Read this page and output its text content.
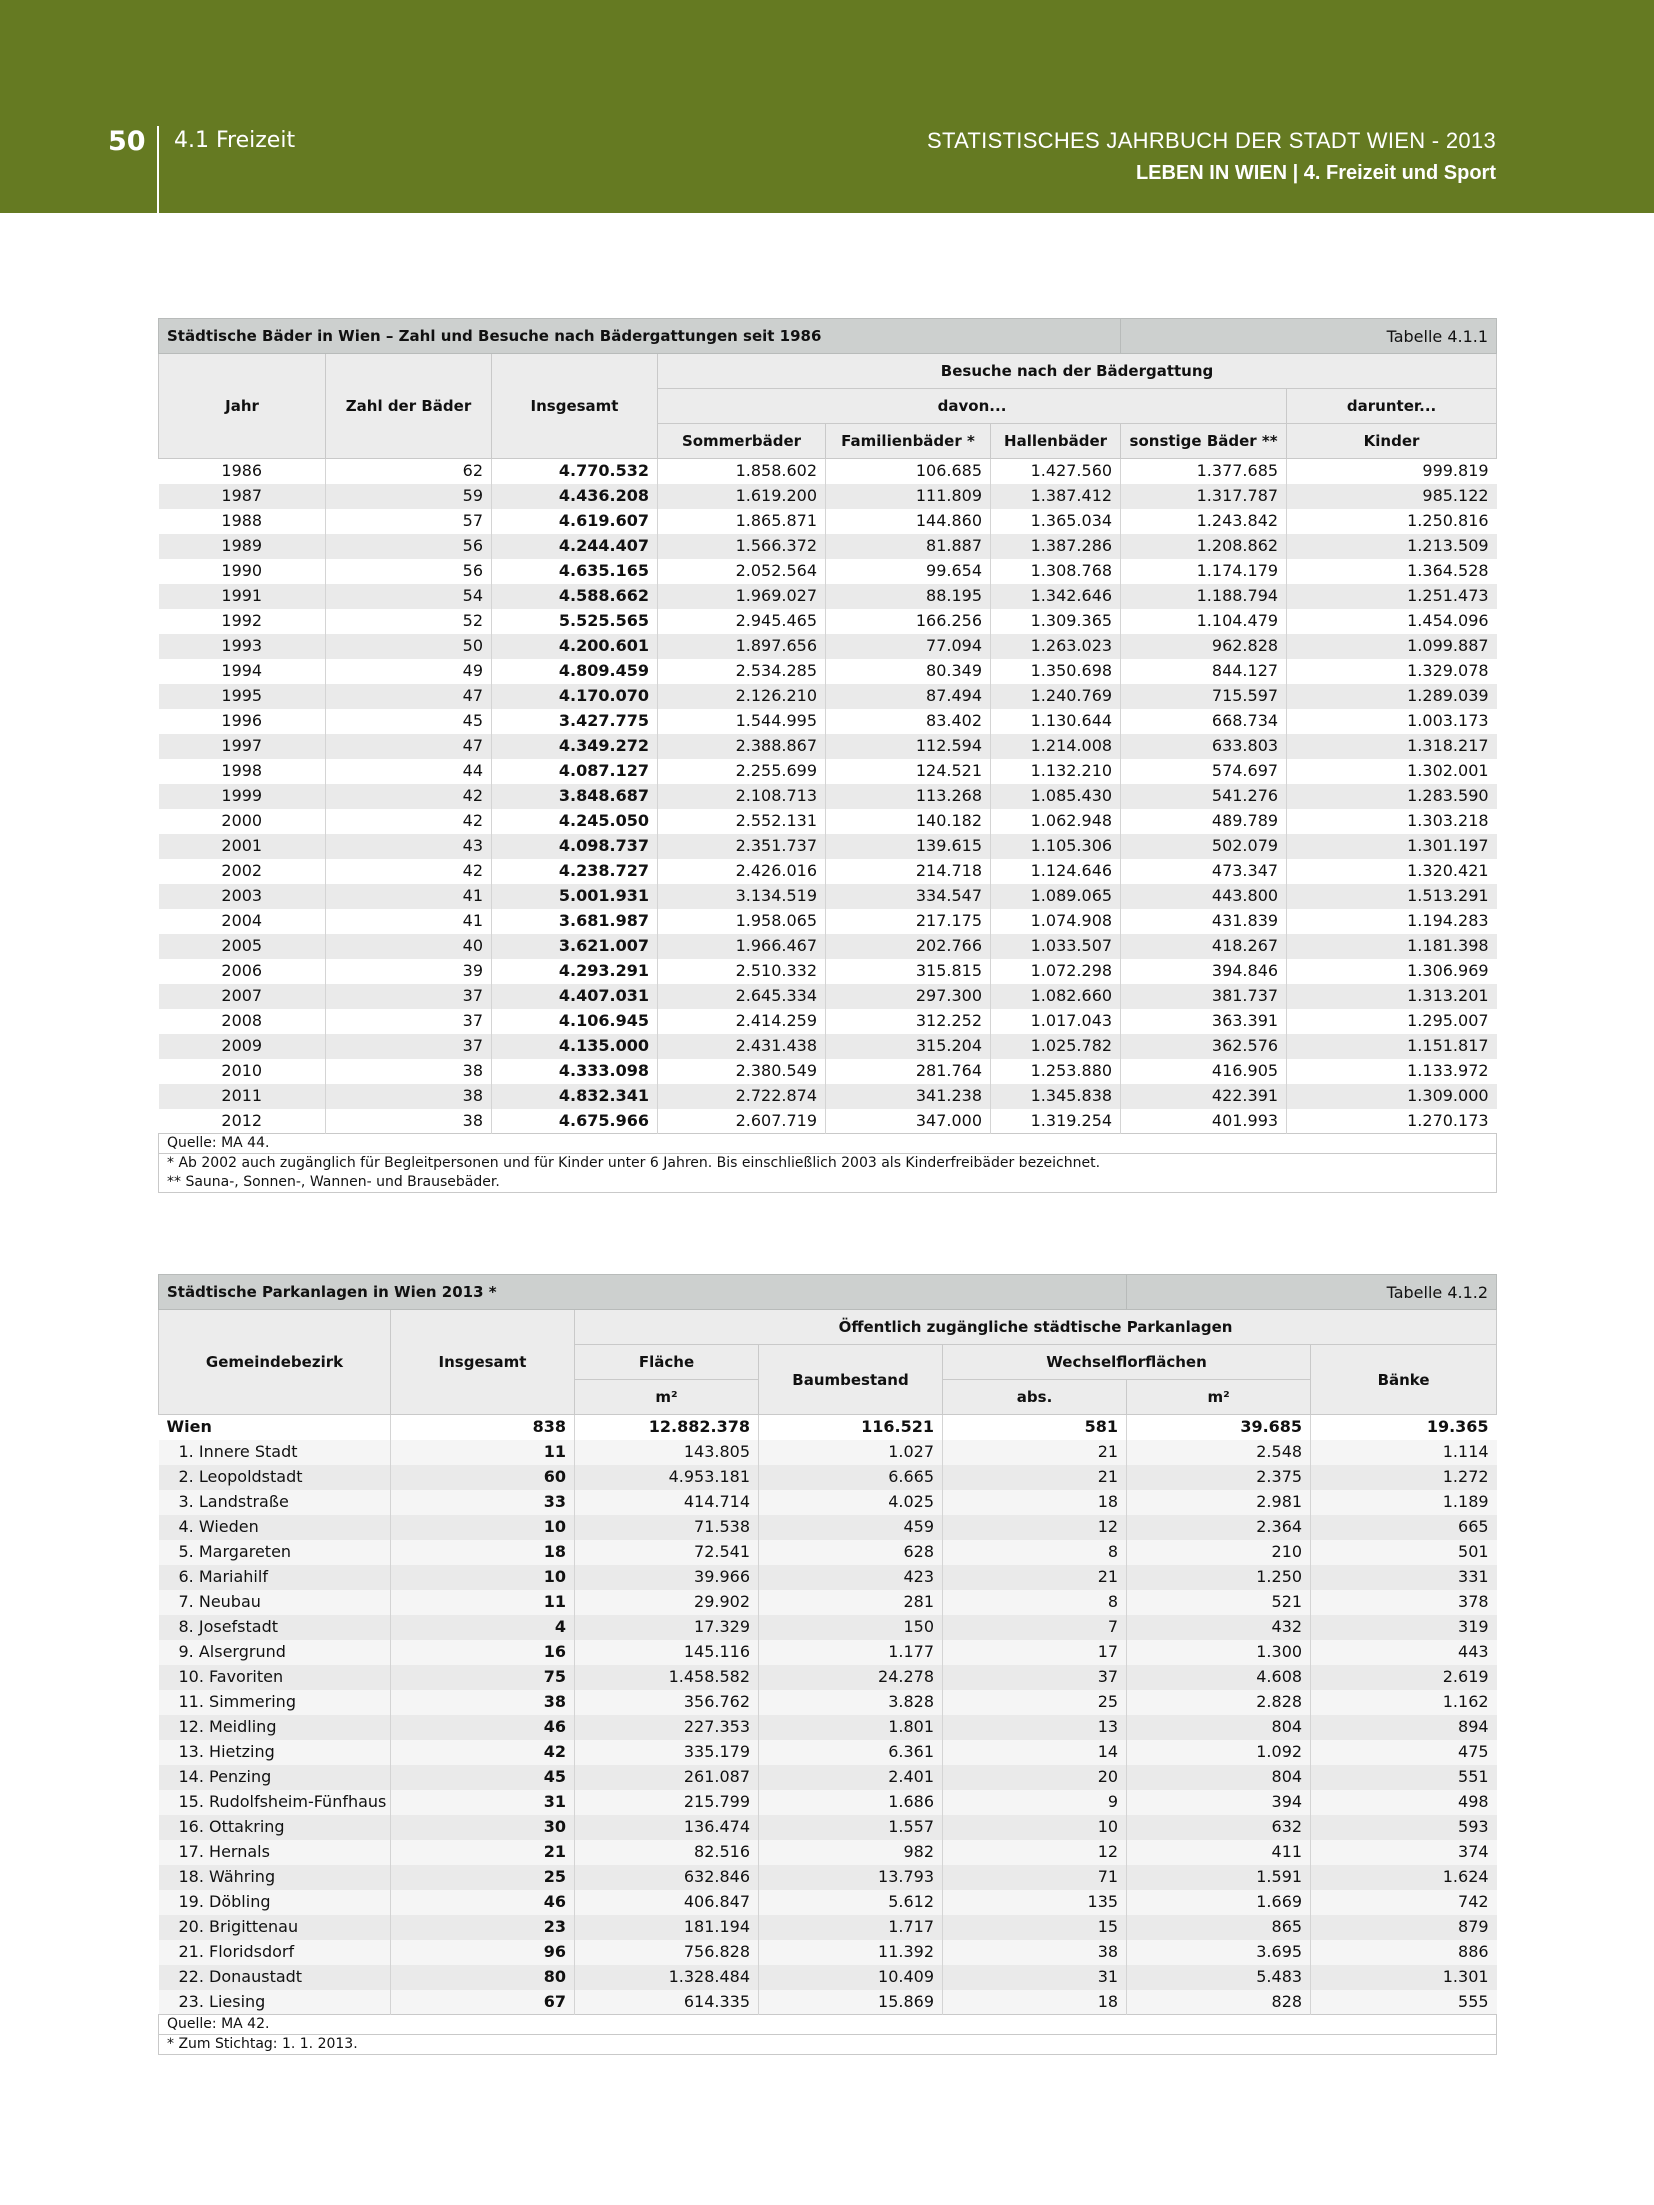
50 4.1 Freizeit	STATISTISCHES JAHRBUCH DER STADT WIEN - 2013
LEBEN IN WIEN | 4. Freizeit und Sport
Städtische Bäder in Wien – Zahl und Besuche nach Bädergattungen seit 1986						Tabelle 4.1.1	
Jahr	Zahl der Bäder	Insgesamt	Besuche nach der Bädergattung				
			davon...				darunter...
			Sommerbäder	Familienbäder *	Hallenbäder	sonstige Bäder **	Kinder
1986	62	4.770.532	1.858.602	106.685	1.427.560	1.377.685	999.819
1987	59	4.436.208	1.619.200	111.809	1.387.412	1.317.787	985.122
1988	57	4.619.607	1.865.871	144.860	1.365.034	1.243.842	1.250.816
1989	56	4.244.407	1.566.372	81.887	1.387.286	1.208.862	1.213.509
1990	56	4.635.165	2.052.564	99.654	1.308.768	1.174.179	1.364.528
1991	54	4.588.662	1.969.027	88.195	1.342.646	1.188.794	1.251.473
1992	52	5.525.565	2.945.465	166.256	1.309.365	1.104.479	1.454.096
1993	50	4.200.601	1.897.656	77.094	1.263.023	962.828	1.099.887
1994	49	4.809.459	2.534.285	80.349	1.350.698	844.127	1.329.078
1995	47	4.170.070	2.126.210	87.494	1.240.769	715.597	1.289.039
1996	45	3.427.775	1.544.995	83.402	1.130.644	668.734	1.003.173
1997	47	4.349.272	2.388.867	112.594	1.214.008	633.803	1.318.217
1998	44	4.087.127	2.255.699	124.521	1.132.210	574.697	1.302.001
1999	42	3.848.687	2.108.713	113.268	1.085.430	541.276	1.283.590
2000	42	4.245.050	2.552.131	140.182	1.062.948	489.789	1.303.218
2001	43	4.098.737	2.351.737	139.615	1.105.306	502.079	1.301.197
2002	42	4.238.727	2.426.016	214.718	1.124.646	473.347	1.320.421
2003	41	5.001.931	3.134.519	334.547	1.089.065	443.800	1.513.291
2004	41	3.681.987	1.958.065	217.175	1.074.908	431.839	1.194.283
2005	40	3.621.007	1.966.467	202.766	1.033.507	418.267	1.181.398
2006	39	4.293.291	2.510.332	315.815	1.072.298	394.846	1.306.969
2007	37	4.407.031	2.645.334	297.300	1.082.660	381.737	1.313.201
2008	37	4.106.945	2.414.259	312.252	1.017.043	363.391	1.295.007
2009	37	4.135.000	2.431.438	315.204	1.025.782	362.576	1.151.817
2010	38	4.333.098	2.380.549	281.764	1.253.880	416.905	1.133.972
2011	38	4.832.341	2.722.874	341.238	1.345.838	422.391	1.309.000
2012	38	4.675.966	2.607.719	347.000	1.319.254	401.993	1.270.173
Quelle: MA 44.							

* Ab 2002 auch zugänglich für Begleitpersonen und für Kinder unter 6 Jahren. Bis einschließlich 2003 als Kinderfreibäder bezeichnet.
** Sauna-, Sonnen-, Wannen- und Brausebäder.							
Städtische Parkanlagen in Wien 2013 *					Tabelle 4.1.2	
Gemeindebezirk	Insgesamt	Öffentlich zugängliche städtische Parkanlagen				
		Fläche	Baumbestand	Wechselflorflächen		Bänke
		m²		abs.	m²	
Wien	838	12.882.378	116.521	581	39.685	19.365
1. Innere Stadt	11	143.805	1.027	21	2.548	1.114
2. Leopoldstadt	60	4.953.181	6.665	21	2.375	1.272
3. Landstraße	33	414.714	4.025	18	2.981	1.189
4. Wieden	10	71.538	459	12	2.364	665
5. Margareten	18	72.541	628	8	210	501
6. Mariahilf	10	39.966	423	21	1.250	331
7. Neubau	11	29.902	281	8	521	378
8. Josefstadt	4	17.329	150	7	432	319
9. Alsergrund	16	145.116	1.177	17	1.300	443
10. Favoriten	75	1.458.582	24.278	37	4.608	2.619
11. Simmering	38	356.762	3.828	25	2.828	1.162
12. Meidling	46	227.353	1.801	13	804	894
13. Hietzing	42	335.179	6.361	14	1.092	475
14. Penzing	45	261.087	2.401	20	804	551
15. Rudolfsheim-Fünfhaus	31	215.799	1.686	9	394	498
16. Ottakring	30	136.474	1.557	10	632	593
17. Hernals	21	82.516	982	12	411	374
18. Währing	25	632.846	13.793	71	1.591	1.624
19. Döbling	46	406.847	5.612	135	1.669	742
20. Brigittenau	23	181.194	1.717	15	865	879
21. Floridsdorf	96	756.828	11.392	38	3.695	886
22. Donaustadt	80	1.328.484	10.409	31	5.483	1.301
23. Liesing	67	614.335	15.869	18	828	555
Quelle: MA 42.						
* Zum Stichtag: 1. 1. 2013.						
